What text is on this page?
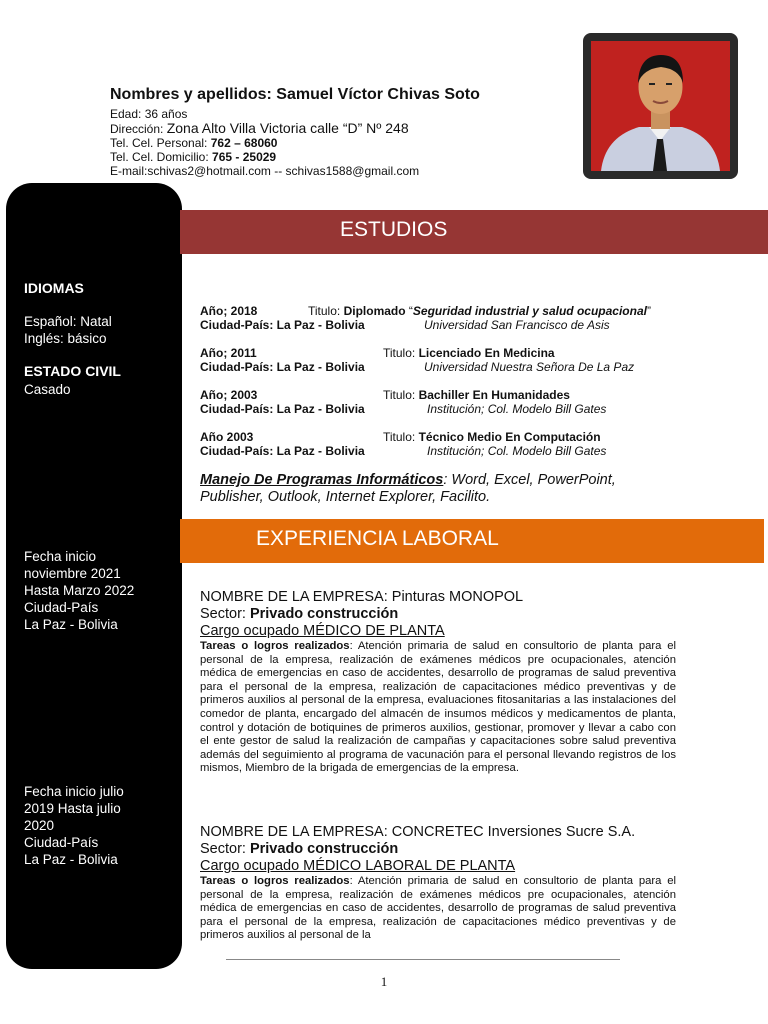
Nombres y apellidos: Samuel Víctor Chivas Soto
Edad: 36 años
Dirección: Zona Alto Villa Victoria calle “D” Nº 248
Tel. Cel. Personal: 762 – 68060
Tel. Cel. Domicilio: 765 - 25029
E-mail:schivas2@hotmail.com -- schivas1588@gmail.com
IDIOMAS
Español: Natal
Inglés: básico
ESTADO CIVIL
Casado
Fecha inicio
noviembre 2021
Hasta Marzo 2022
Ciudad-País
La Paz - Bolivia
Fecha inicio julio
2019 Hasta julio
2020
Ciudad-País
La Paz - Bolivia
ESTUDIOS
Año; 2018	Titulo: Diplomado “Seguridad industrial y salud ocupacional”
Ciudad-País: La Paz - Bolivia	Universidad San Francisco de Asis
Año; 2011	Titulo: Licenciado En Medicina
Ciudad-País: La Paz - Bolivia	Universidad Nuestra Señora De La Paz
Año; 2003	Titulo: Bachiller En Humanidades
Ciudad-País: La Paz - Bolivia	Institución; Col. Modelo Bill Gates
Año 2003	Titulo: Técnico Medio En Computación
Ciudad-País: La Paz - Bolivia	Institución; Col. Modelo Bill Gates
Manejo De Programas Informáticos: Word, Excel, PowerPoint,
Publisher, Outlook, Internet Explorer, Facilito.
EXPERIENCIA LABORAL
NOMBRE DE LA EMPRESA: Pinturas MONOPOL
Sector: Privado construcción
Cargo ocupado MÉDICO DE PLANTA
Tareas o logros realizados: Atención primaria de salud en consultorio de planta para el personal de la empresa, realización de exámenes médicos pre ocupacionales, atención médica de emergencias en caso de accidentes, desarrollo de programas de salud preventiva para el personal de la empresa, realización de capacitaciones médico preventivas y de primeros auxilios al personal de la empresa, evaluaciones fitosanitarias a las instalaciones del comedor de planta, encargado del almacén de insumos médicos y medicamentos de planta, control y dotación de botiquines de primeros auxilios, gestionar, promover y llevar a cabo con el ente gestor de salud la realización de campañas y capacitaciones sobre salud preventiva además del seguimiento al programa de vacunación para el personal llevando registros de los mismos, Miembro de la brigada de emergencias de la empresa.
NOMBRE DE LA EMPRESA: CONCRETEC Inversiones Sucre S.A.
Sector: Privado construcción
Cargo ocupado MÉDICO LABORAL DE PLANTA
Tareas o logros realizados: Atención primaria de salud en consultorio de planta para el personal de la empresa, realización de exámenes médicos pre ocupacionales, atención médica de emergencias en caso de accidentes, desarrollo de programas de salud preventiva para el personal de la empresa, realización de capacitaciones médico preventivas y de primeros auxilios al personal de la
1
